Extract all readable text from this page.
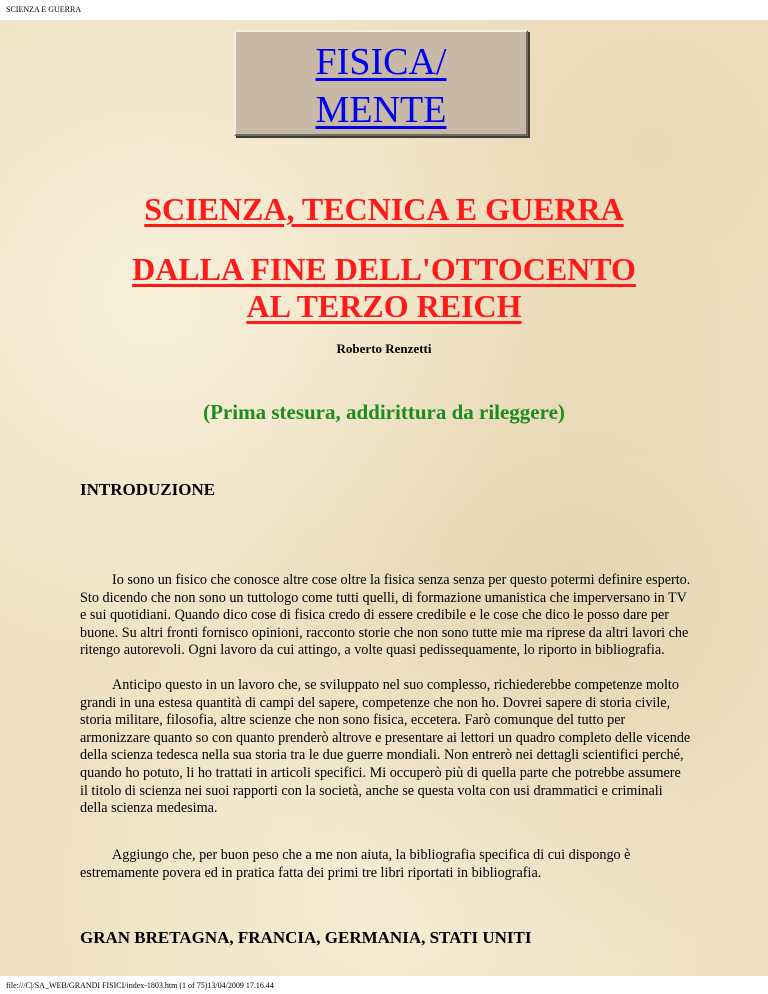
SCIENZA E GUERRA
FISICA/
MENTE
SCIENZA, TECNICA E GUERRA
DALLA FINE DELL'OTTOCENTO
AL TERZO REICH
Roberto Renzetti
(Prima stesura, addirittura da rileggere)
INTRODUZIONE

Io sono un fisico che conosce altre cose oltre la fisica senza senza per questo potermi definire esperto. Sto dicendo che non sono un tuttologo come tutti quelli, di formazione umanistica che imperversano in TV e sui quotidiani. Quando dico cose di fisica credo di essere credibile e le cose che dico le posso dare per buone. Su altri fronti fornisco opinioni, racconto storie che non sono tutte mie ma riprese da altri lavori che ritengo autorevoli. Ogni lavoro da cui attingo, a volte quasi pedissequamente, lo riporto in bibliografia.

Anticipo questo in un lavoro che, se sviluppato nel suo complesso, richiederebbe competenze molto grandi in una estesa quantità di campi del sapere, competenze che non ho. Dovrei sapere di storia civile, storia militare, filosofia, altre scienze che non sono fisica, eccetera. Farò comunque del tutto per armonizzare quanto so con quanto prenderò altrove e presentare ai lettori un quadro completo delle vicende della scienza tedesca nella sua storia tra le due guerre mondiali. Non entrerò nei dettagli scientifici perché, quando ho potuto, li ho trattati in articoli specifici. Mi occuperò più di quella parte che potrebbe assumere il titolo di scienza nei suoi rapporti con la società, anche se questa volta con usi drammatici e criminali della scienza medesima.

Aggiungo che, per buon peso che a me non aiuta, la bibliografia specifica di cui dispongo è estremamente povera ed in pratica fatta dei primi tre libri riportati in bibliografia.

GRAN BRETAGNA, FRANCIA, GERMANIA, STATI UNITI
file:///C|/SA_WEB/GRANDI FISICI/index-1803.htm (1 of 75)13/04/2009 17.16.44
